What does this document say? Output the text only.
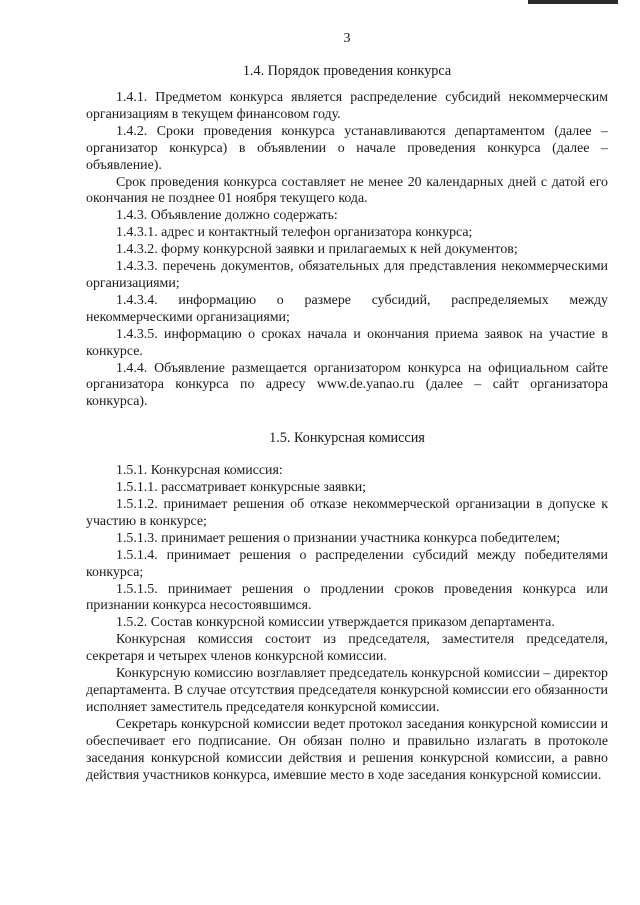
3
1.4. Порядок проведения конкурса

1.4.1. Предметом конкурса является распределение субсидий некоммерческим организациям в текущем финансовом году.

1.4.2. Сроки проведения конкурса устанавливаются департаментом (далее – организатор конкурса) в объявлении о начале проведения конкурса (далее – объявление).

Срок проведения конкурса составляет не менее 20 календарных дней с датой его окончания не позднее 01 ноября текущего кода.

1.4.3. Объявление должно содержать:

1.4.3.1. адрес и контактный телефон организатора конкурса;

1.4.3.2. форму конкурсной заявки и прилагаемых к ней документов;

1.4.3.3. перечень документов, обязательных для представления некоммерческими организациями;

1.4.3.4. информацию о размере субсидий, распределяемых между некоммерческими организациями;

1.4.3.5. информацию о сроках начала и окончания приема заявок на участие в конкурсе.

1.4.4. Объявление размещается организатором конкурса на официальном сайте организатора конкурса по адресу www.de.yanao.ru (далее – сайт организатора конкурса).

1.5. Конкурсная комиссия

1.5.1. Конкурсная комиссия:

1.5.1.1. рассматривает конкурсные заявки;

1.5.1.2. принимает решения об отказе некоммерческой организации в допуске к участию в конкурсе;

1.5.1.3. принимает решения о признании участника конкурса победителем;

1.5.1.4. принимает решения о распределении субсидий между победителями конкурса;

1.5.1.5. принимает решения о продлении сроков проведения конкурса или признании конкурса несостоявшимся.

1.5.2. Состав конкурсной комиссии утверждается приказом департамента.

Конкурсная комиссия состоит из председателя, заместителя председателя, секретаря и четырех членов конкурсной комиссии.

Конкурсную комиссию возглавляет председатель конкурсной комиссии – директор департамента. В случае отсутствия председателя конкурсной комиссии его обязанности исполняет заместитель председателя конкурсной комиссии.

Секретарь конкурсной комиссии ведет протокол заседания конкурсной комиссии и обеспечивает его подписание. Он обязан полно и правильно излагать в протоколе заседания конкурсной комиссии действия и решения конкурсной комиссии, а равно действия участников конкурса, имевшие место в ходе заседания конкурсной комиссии.
